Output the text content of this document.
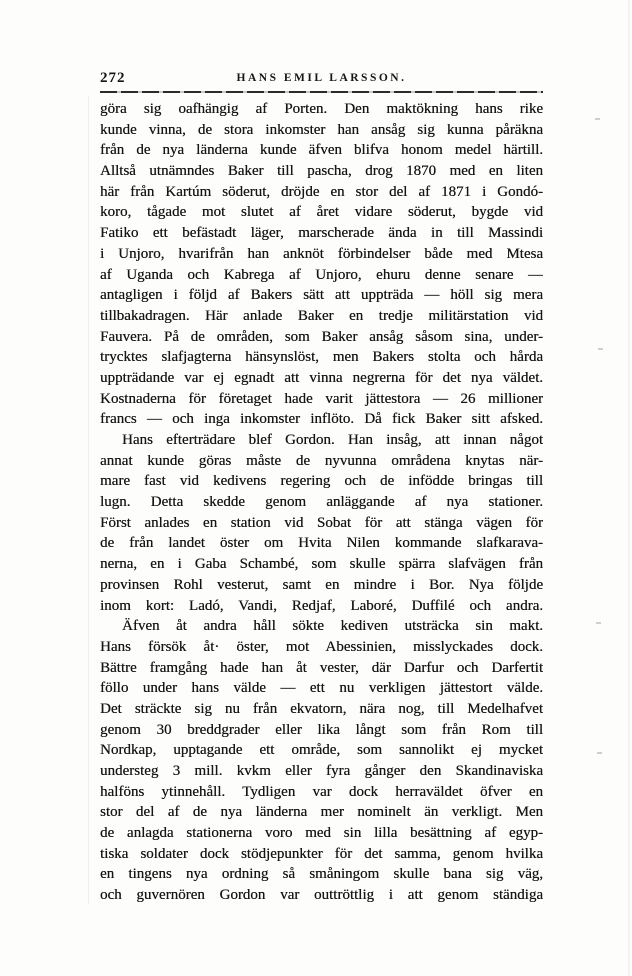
272	HANS EMIL LARSSON.
göra sig oafhängig af Porten. Den maktökning hans rike
kunde vinna, de stora inkomster han ansåg sig kunna påräkna
från de nya länderna kunde äfven blifva honom medel härtill.
Alltså utnämndes Baker till pascha, drog 1870 med en liten
här från Kartúm söderut, dröjde en stor del af 1871 i Gondó-
koro, tågade mot slutet af året vidare söderut, bygde vid
Fatiko ett befästadt läger, marscherade ända in till Massindi
i Unjoro, hvarifrån han anknöt förbindelser både med Mtesa
af Uganda och Kabrega af Unjoro, ehuru denne senare —
antagligen i följd af Bakers sätt att uppträda — höll sig mera
tillbakadragen. Här anlade Baker en tredje militärstation vid
Fauvera. På de områden, som Baker ansåg såsom sina, under-
trycktes slafjagterna hänsynslöst, men Bakers stolta och hårda
uppträdande var ej egnadt att vinna negrerna för det nya väldet.
Kostnaderna för företaget hade varit jättestora — 26 millioner
francs — och inga inkomster inflöto. Då fick Baker sitt afsked.
Hans efterträdare blef Gordon. Han insåg, att innan något
annat kunde göras måste de nyvunna områdena knytas när-
mare fast vid kedivens regering och de infödde bringas till
lugn. Detta skedde genom anläggande af nya stationer.
Först anlades en station vid Sobat för att stänga vägen för
de från landet öster om Hvita Nilen kommande slafkarava-
nerna, en i Gaba Schambé, som skulle spärra slafvägen från
provinsen Rohl vesterut, samt en mindre i Bor. Nya följde
inom kort: Ladó, Vandi, Redjaf, Laboré, Duffilé och andra.
Äfven åt andra håll sökte kediven utsträcka sin makt.
Hans försök åt· öster, mot Abessinien, misslyckades dock.
Bättre framgång hade han åt vester, där Darfur och Darfertit
föllo under hans välde — ett nu verkligen jättestort välde.
Det sträckte sig nu från ekvatorn, nära nog, till Medelhafvet
genom 30 breddgrader eller lika långt som från Rom till
Nordkap, upptagande ett område, som sannolikt ej mycket
understeg 3 mill. kvkm eller fyra gånger den Skandinaviska
halföns ytinnehåll. Tydligen var dock herraväldet öfver en
stor del af de nya länderna mer nominelt än verkligt. Men
de anlagda stationerna voro med sin lilla besättning af egyp-
tiska soldater dock stödjepunkter för det samma, genom hvilka
en tingens nya ordning så småningom skulle bana sig väg,
och guvernören Gordon var outtröttlig i att genom ständiga
